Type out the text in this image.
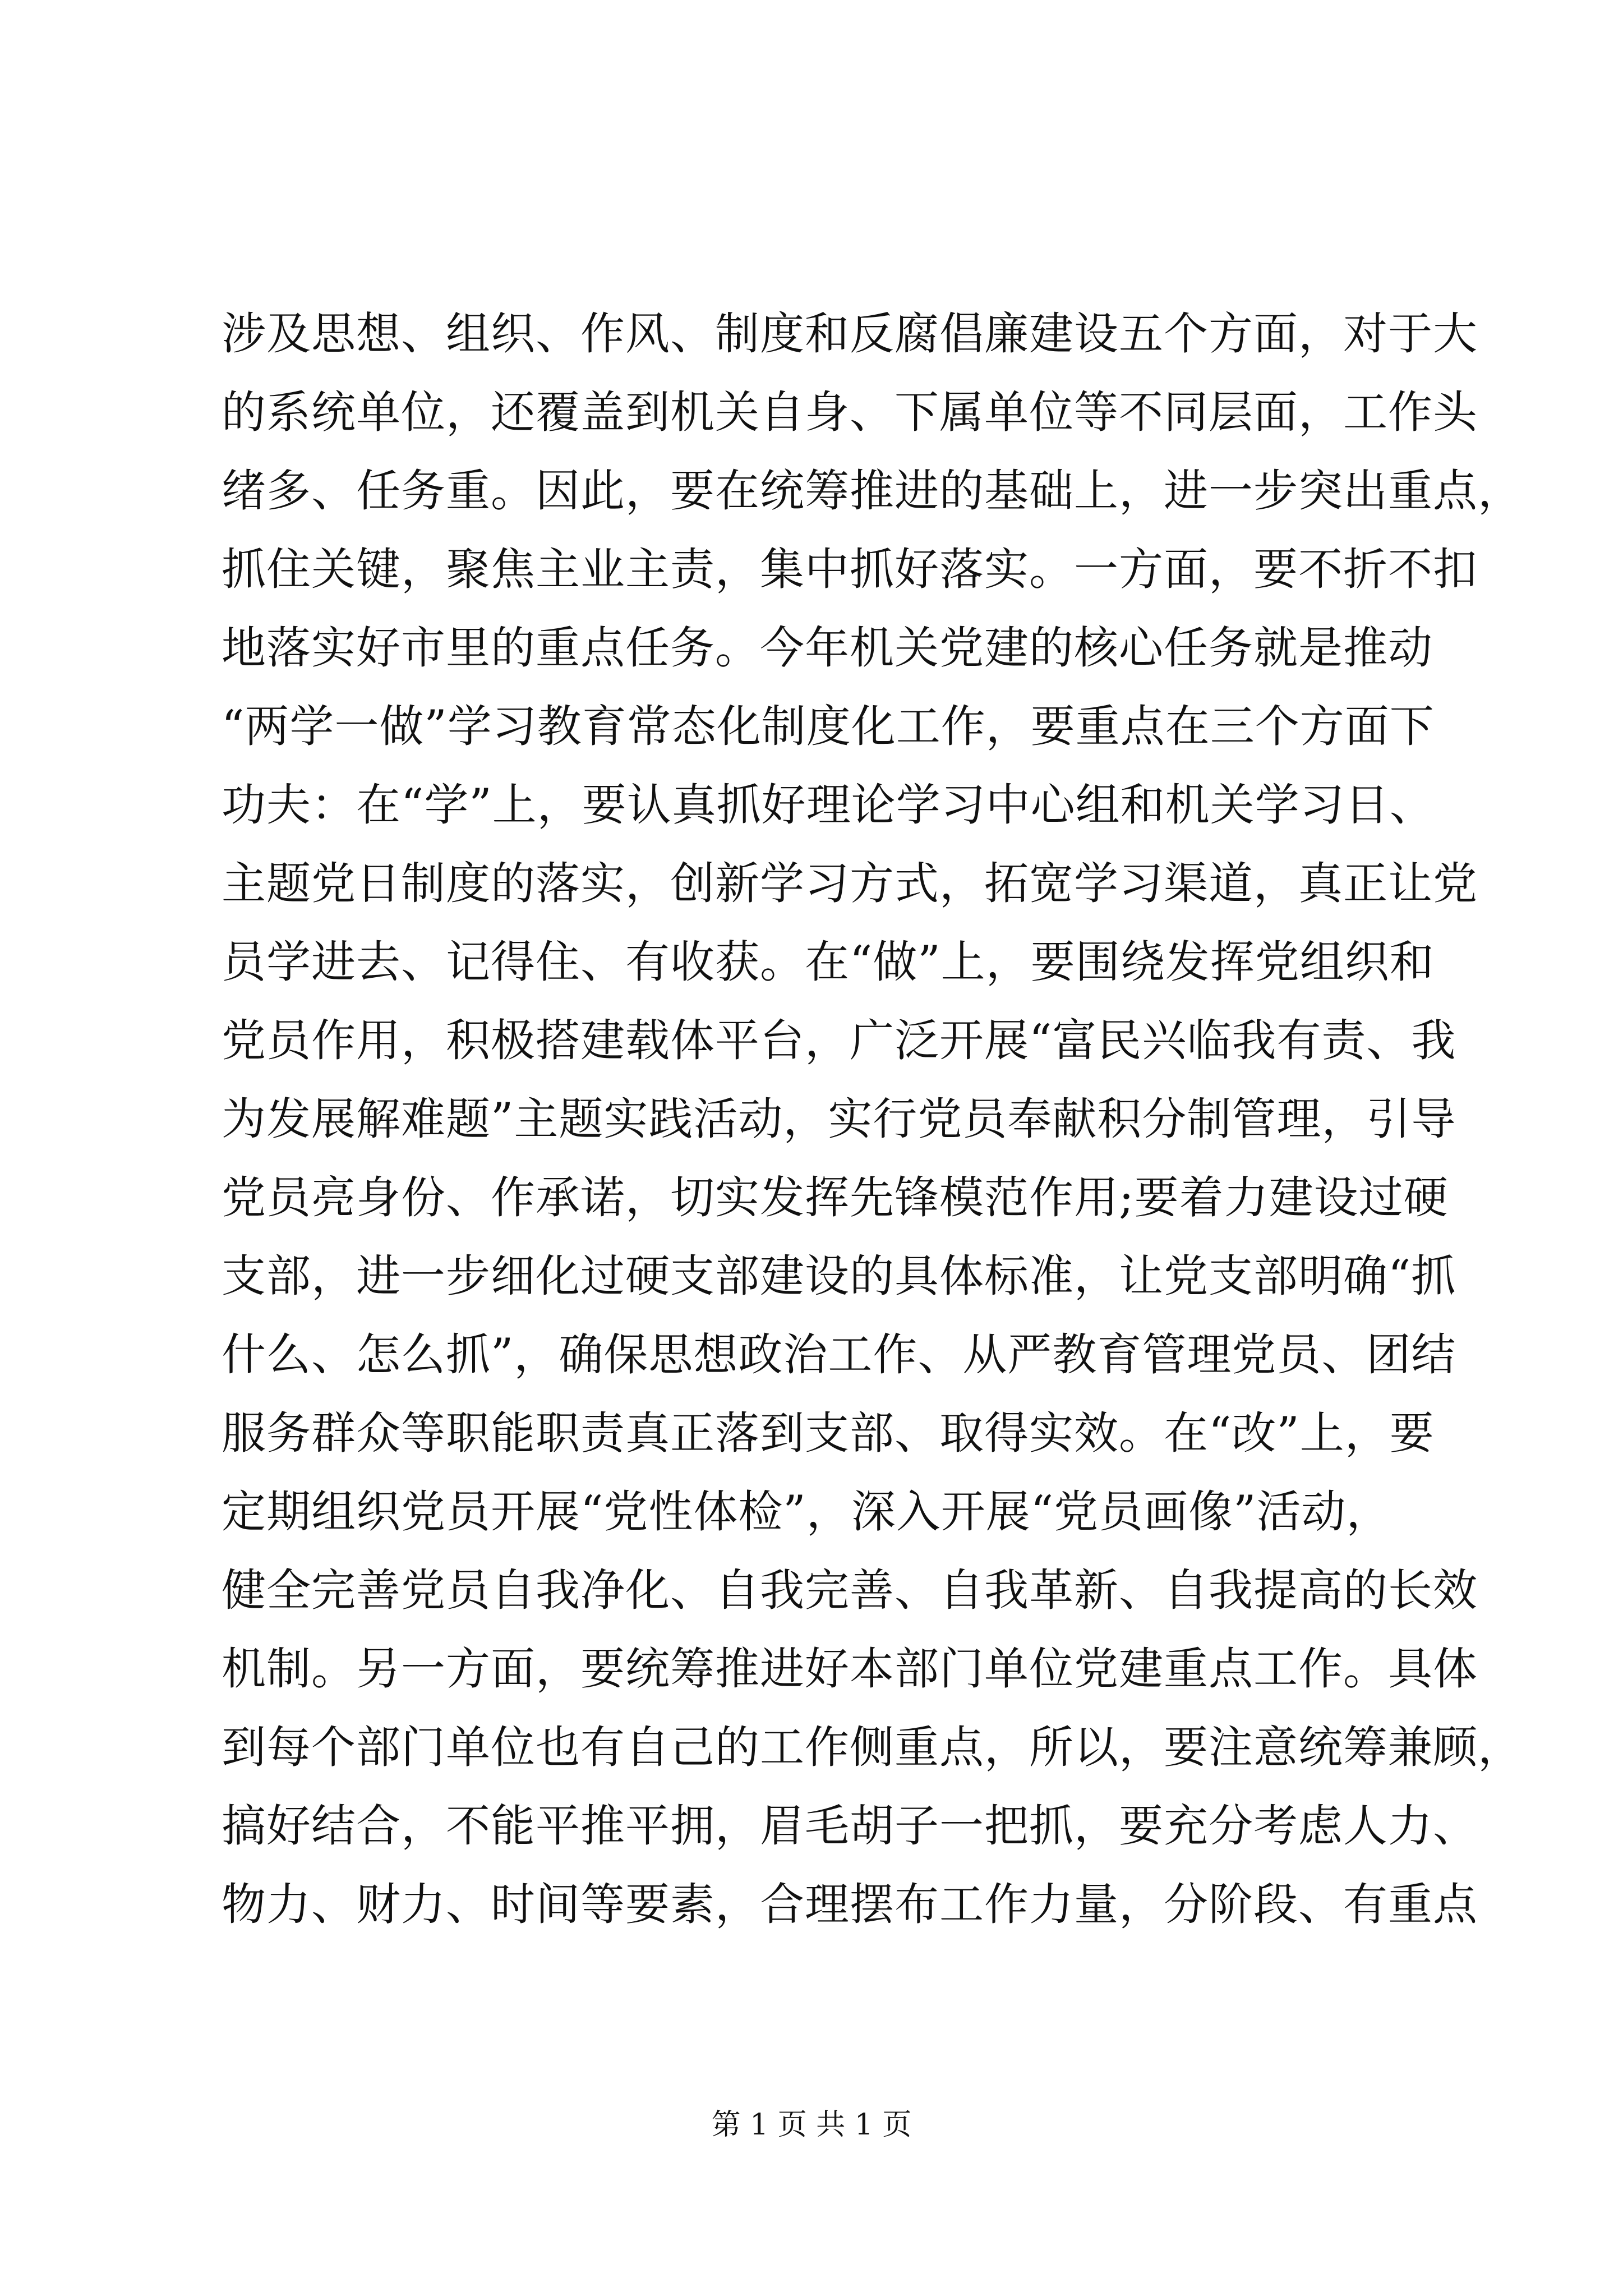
涉及思想、组织、作风、制度和反腐倡廉建设五个方面，对于大
的系统单位，还覆盖到机关自身、下属单位等不同层面，工作头
绪多、任务重。因此，要在统筹推进的基础上，进一步突出重点，
抓住关键，聚焦主业主责，集中抓好落实。一方面，要不折不扣
地落实好市里的重点任务。今年机关党建的核心任务就是推动
“两学一做”学习教育常态化制度化工作，要重点在三个方面下
功夫：在“学”上，要认真抓好理论学习中心组和机关学习日、
主题党日制度的落实，创新学习方式，拓宽学习渠道，真正让党
员学进去、记得住、有收获。在“做”上，要围绕发挥党组织和
党员作用，积极搭建载体平台，广泛开展“富民兴临我有责、我
为发展解难题”主题实践活动，实行党员奉献积分制管理，引导
党员亮身份、作承诺，切实发挥先锋模范作用;要着力建设过硬
支部，进一步细化过硬支部建设的具体标准，让党支部明确“抓
什么、怎么抓”，确保思想政治工作、从严教育管理党员、团结
服务群众等职能职责真正落到支部、取得实效。在“改”上，要
定期组织党员开展“党性体检”，深入开展“党员画像”活动，
健全完善党员自我净化、自我完善、自我革新、自我提高的长效
机制。另一方面，要统筹推进好本部门单位党建重点工作。具体
到每个部门单位也有自己的工作侧重点，所以，要注意统筹兼顾，
搞好结合，不能平推平拥，眉毛胡子一把抓，要充分考虑人力、
物力、财力、时间等要素，合理摆布工作力量，分阶段、有重点
第 1 页 共 1 页
